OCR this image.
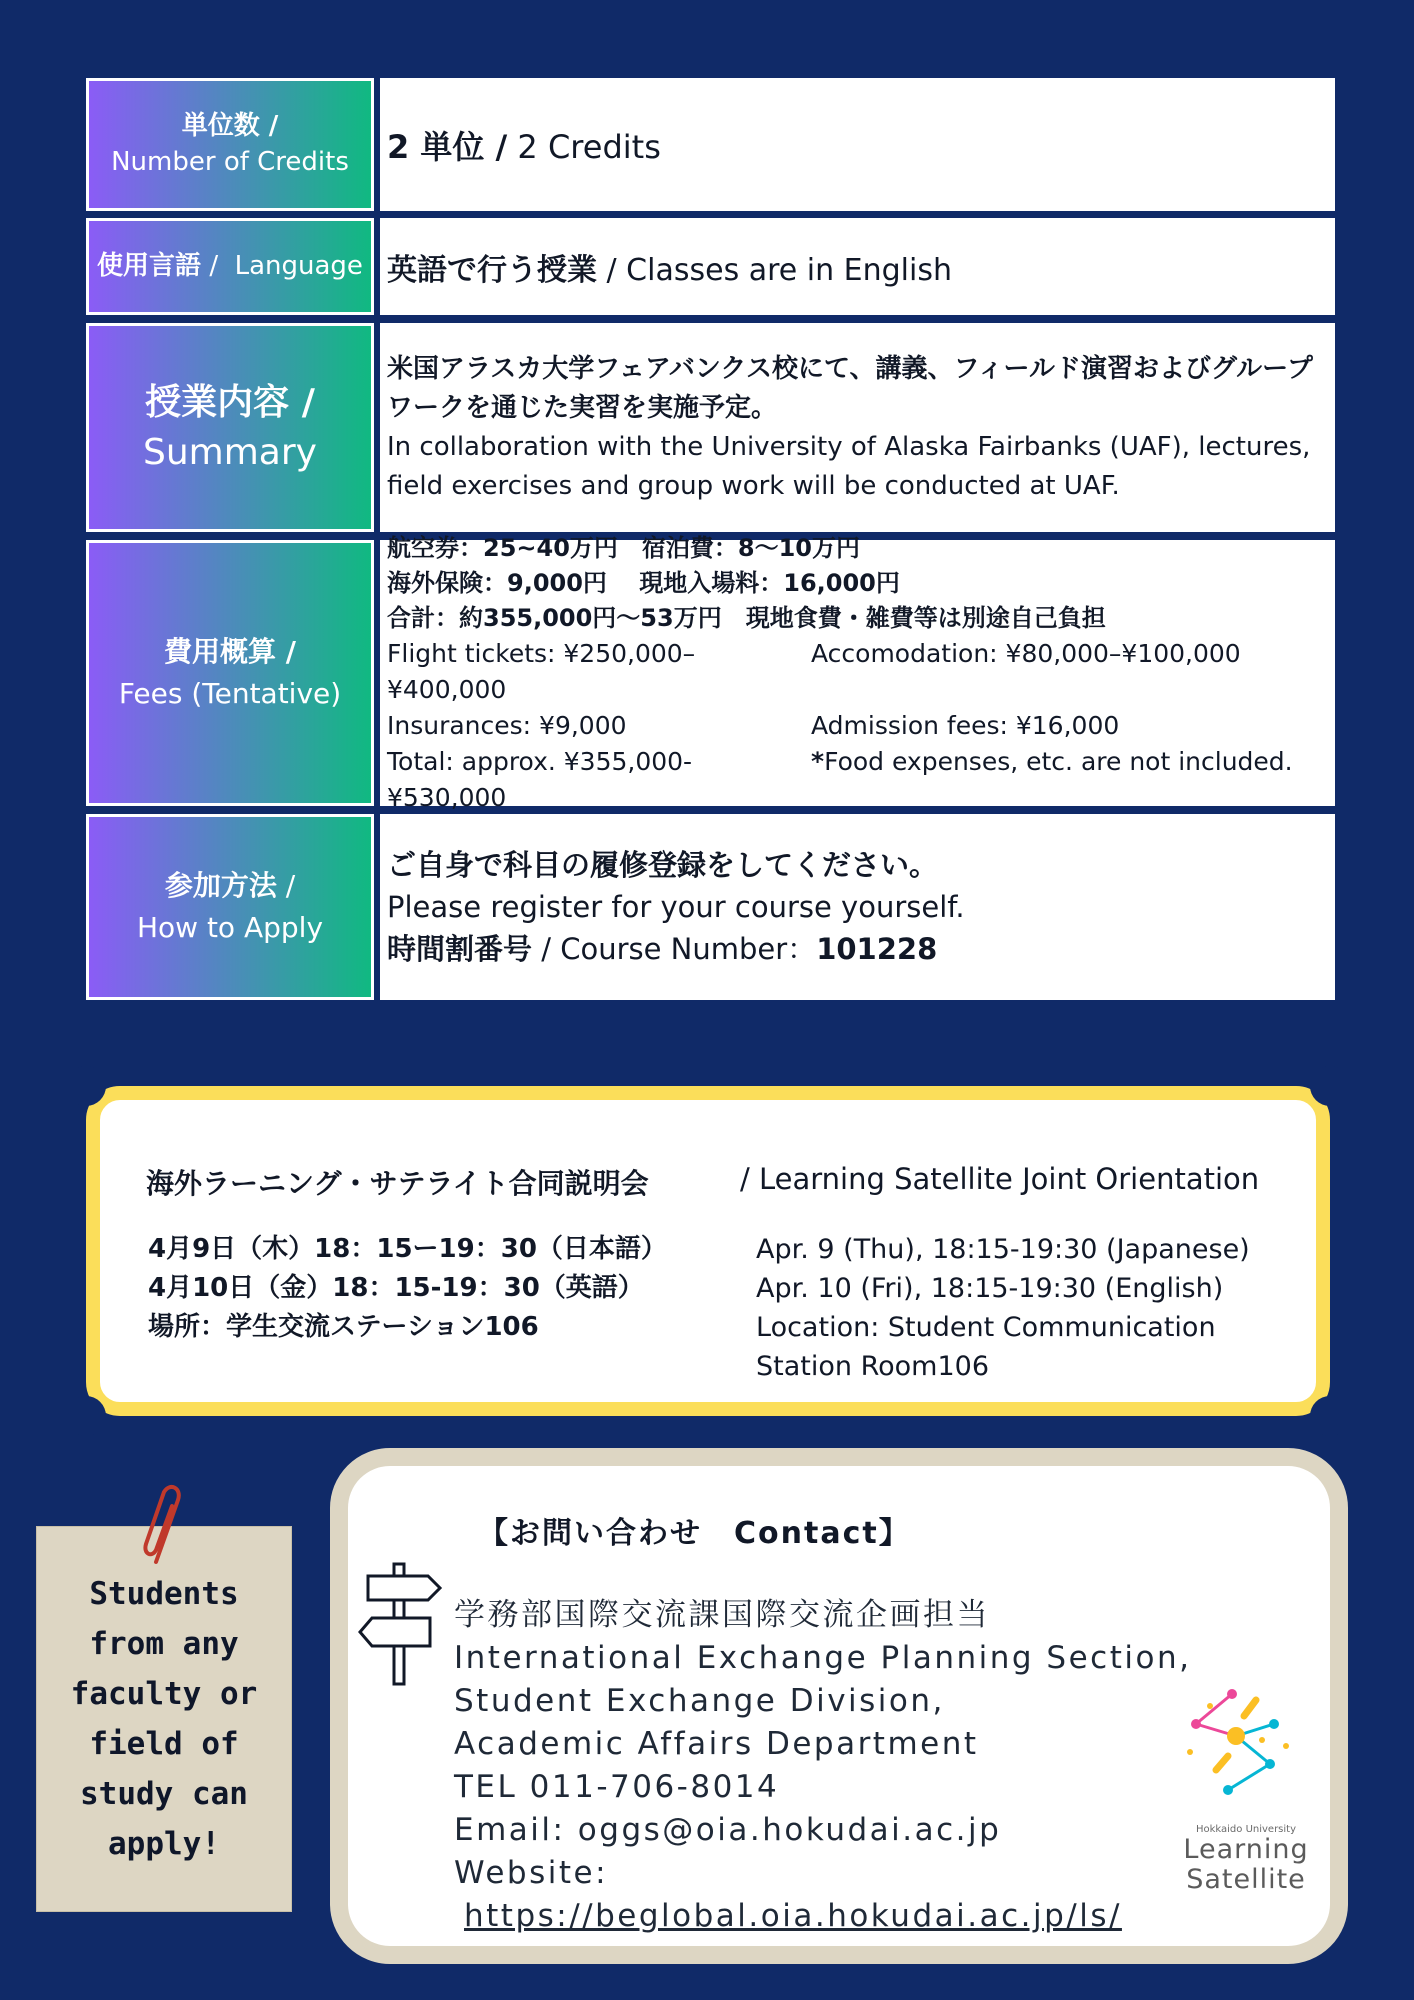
単位数 /
Number of Credits 2 単位 / 2 Credits
使用言語 /  Language 英語で行う授業 / Classes are in English
授業内容 /
Summary
米国アラスカ大学フェアバンクス校にて、講義、フィールド演習およびグループワークを通じた実習を実施予定。
In collaboration with the University of Alaska Fairbanks (UAF), lectures, field exercises and group work will be conducted at UAF.
費用概算 /
Fees (Tentative)
航空券：25~40万円　宿泊費：8〜10万円
海外保険：9,000円　 現地入場料：16,000円
合計：約355,000円〜53万円　現地食費・雑費等は別途自己負担
Flight tickets: ¥250,000–¥400,000
Accomodation: ¥80,000–¥100,000
Insurances: ¥9,000	Admission fees: ¥16,000
Total: approx. ¥355,000-¥530,000
*Food expenses, etc. are not included.
参加方法 /
How to Apply
ご自身で科目の履修登録をしてください。
Please register for your course yourself.
時間割番号 / Course Number：101228
海外ラーニング・サテライト合同説明会	/ Learning Satellite Joint Orientation
4月9日（木）18：15ー19：30（日本語）
4月10日（金）18：15-19：30（英語）
場所：学生交流ステーション106
Apr. 9 (Thu), 18:15-19:30 (Japanese)
Apr. 10 (Fri), 18:15-19:30 (English)
Location: Student Communication
Station Room106
Students from any faculty or field of study can apply!
【お問い合わせ　Contact】
学務部国際交流課国際交流企画担当
International Exchange Planning Section,
Student Exchange Division,
Academic Affairs Department
TEL 011-706-8014
Email: oggs@oia.hokudai.ac.jp
Website:
https://beglobal.oia.hokudai.ac.jp/ls/
Hokkaido University
Learning
Satellite
